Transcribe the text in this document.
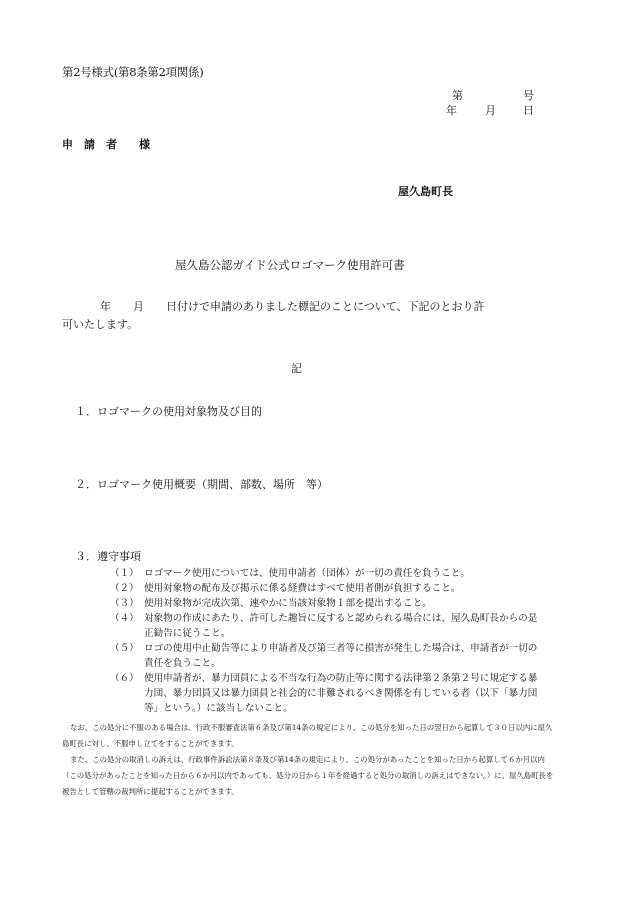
第2号様式(第8条第2項関係)
第	号
年	月 日
申　請　者　　様
屋久島町長
屋久島公認ガイド公式ロゴマーク使用許可書
年　　月　　日付けで申請のありました標記のことについて、下記のとおり許
可いたします。
記
１．ロゴマークの使用対象物及び目的
２．ロゴマーク使用概要（期間、部数、場所　等）
３．遵守事項
（１） ロゴマーク使用については、使用申請者（団体）が一切の責任を負うこと。
（２） 使用対象物の配布及び掲示に係る経費はすべて使用者側が負担すること。
（３） 使用対象物が完成次第、速やかに当該対象物１部を提出すること。
（４） 対象物の作成にあたり、許可した趣旨に反すると認められる場合には、屋久島町長からの是正勧告に従うこと。
（５） ロゴの使用中止勧告等により申請者及び第三者等に損害が発生した場合は、申請者が一切の責任を負うこと。
（６） 使用申請者が、暴力団員による不当な行為の防止等に関する法律第２条第２号に規定する暴力団、暴力団員又は暴力団員と社会的に非難されるべき関係を有している者（以下「暴力団等」という。）に該当しないこと。

なお、この処分に不服のある場合は、行政不服審査法第６条及び第14条の規定により、この処分を知った日の翌日から起算して３０日以内に屋久島町長に対し、不服申し立てをすることができます。

また、この処分の取消しの訴えは、行政事件訴訟法第８条及び第14条の規定により、この処分があったことを知った日から起算して６か月以内（この処分があったことを知った日から６か月以内であっても、処分の日から１年を経過すると処分の取消しの訴えはできない。）に、屋久島町長を被告として管轄の裁判所に提起することができます。
